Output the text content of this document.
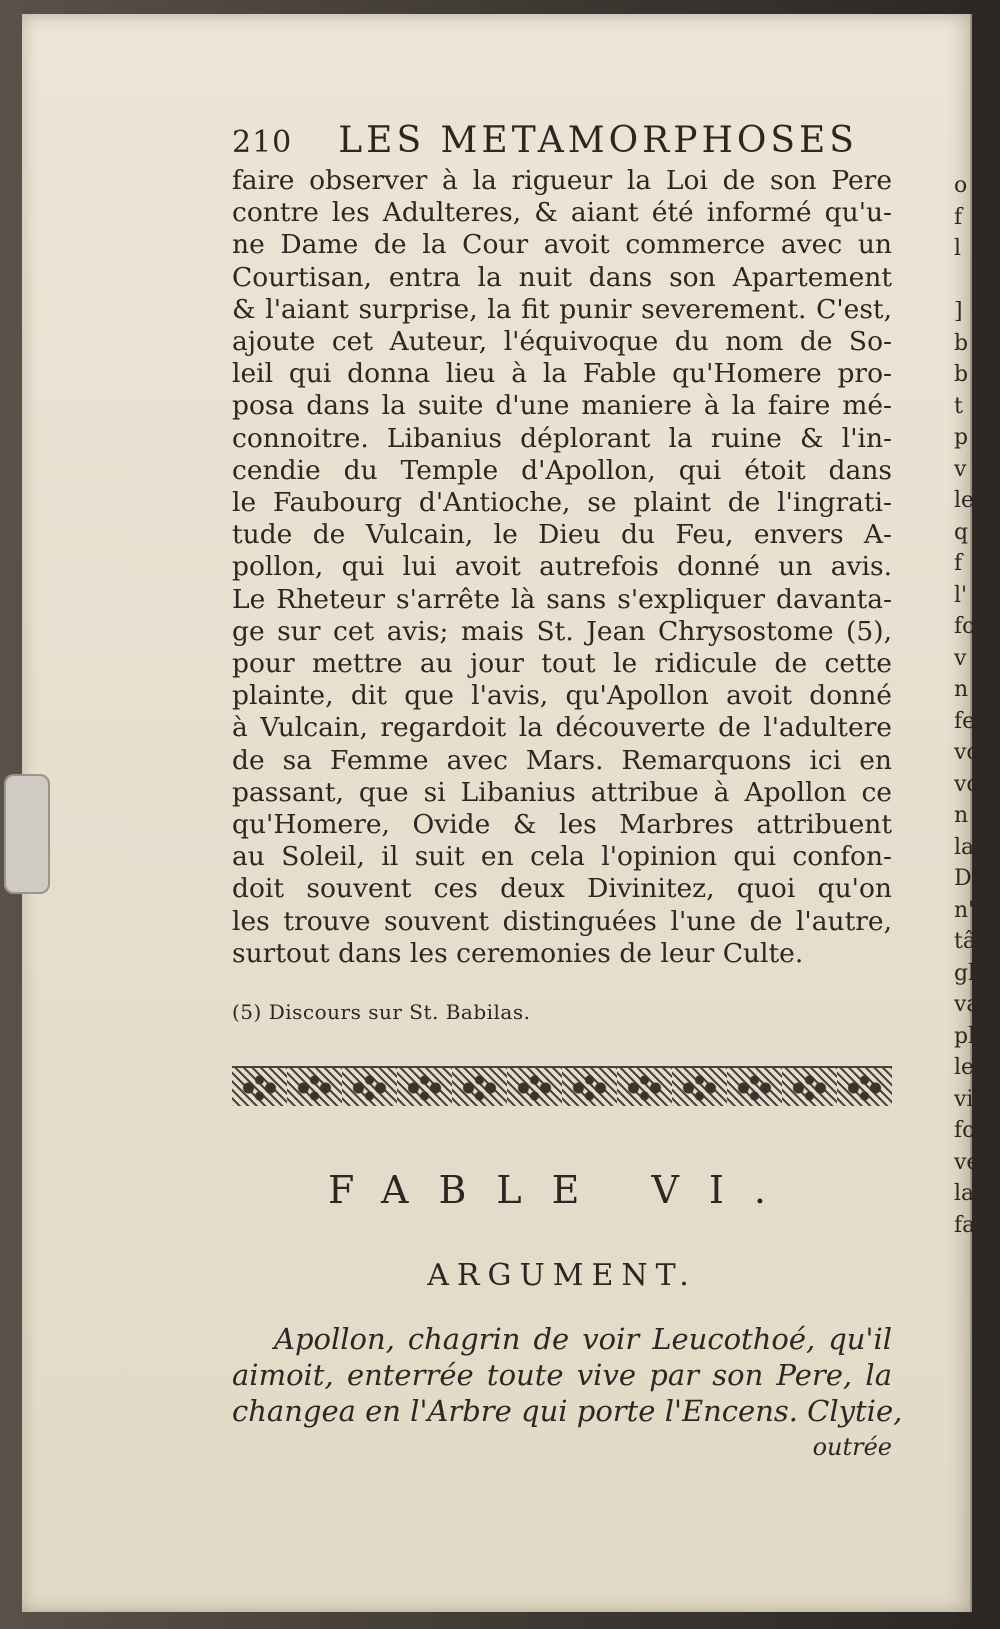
o
f
l
]
b
b
t
p
v
le
q
f
l'
fo
v
n
fe
vo
vo
n
la
D
n'
tâ
gl
va
pl
le
vi
fo
ve
la
fa
210 LES METAMORPHOSES
faire observer à la rigueur la Loi de son Pere
contre les Adulteres, & aiant été informé qu'u-
ne Dame de la Cour avoit commerce avec un
Courtisan, entra la nuit dans son Apartement
& l'aiant surprise, la fit punir severement. C'est,
ajoute cet Auteur, l'équivoque du nom de So-
leil qui donna lieu à la Fable qu'Homere pro-
posa dans la suite d'une maniere à la faire mé-
connoitre. Libanius déplorant la ruine & l'in-
cendie du Temple d'Apollon, qui étoit dans
le Faubourg d'Antioche, se plaint de l'ingrati-
tude de Vulcain, le Dieu du Feu, envers A-
pollon, qui lui avoit autrefois donné un avis.
Le Rheteur s'arrête là sans s'expliquer davanta-
ge sur cet avis; mais St. Jean Chrysostome (5),
pour mettre au jour tout le ridicule de cette
plainte, dit que l'avis, qu'Apollon avoit donné
à Vulcain, regardoit la découverte de l'adultere
de sa Femme avec Mars. Remarquons ici en
passant, que si Libanius attribue à Apollon ce
qu'Homere, Ovide & les Marbres attribuent
au Soleil, il suit en cela l'opinion qui confon-
doit souvent ces deux Divinitez, quoi qu'on
les trouve souvent distinguées l'une de l'autre,
surtout dans les ceremonies de leur Culte.
(5) Discours sur St. Babilas.
FABLE VI.
ARGUMENT.
Apollon, chagrin de voir Leucothoé, qu'il
aimoit, enterrée toute vive par son Pere, la
changea en l'Arbre qui porte l'Encens. Clytie,
outrée
